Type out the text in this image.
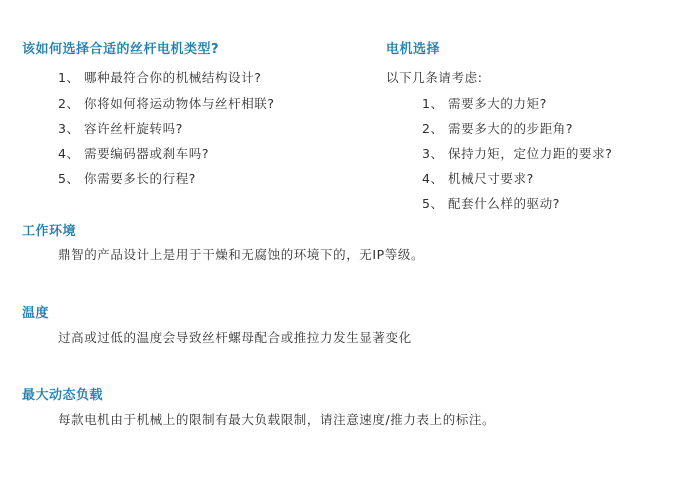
该如何选择合适的丝杆电机类型?
1、 哪种最符合你的机械结构设计?
2、 你将如何将运动物体与丝杆相联?
3、 容许丝杆旋转吗?
4、 需要编码器或刹车吗?
5、 你需要多长的行程?
电机选择
以下几条请考虑:
1、 需要多大的力矩?
2、 需要多大的的步距角?
3、 保持力矩，定位力距的要求?
4、 机械尺寸要求?
5、 配套什么样的驱动?
工作环境
鼎智的产品设计上是用于干燥和无腐蚀的环境下的，无IP等级。
温度
过高或过低的温度会导致丝杆螺母配合或推拉力发生显著变化
最大动态负载
每款电机由于机械上的限制有最大负载限制，请注意速度/推力表上的标注。
